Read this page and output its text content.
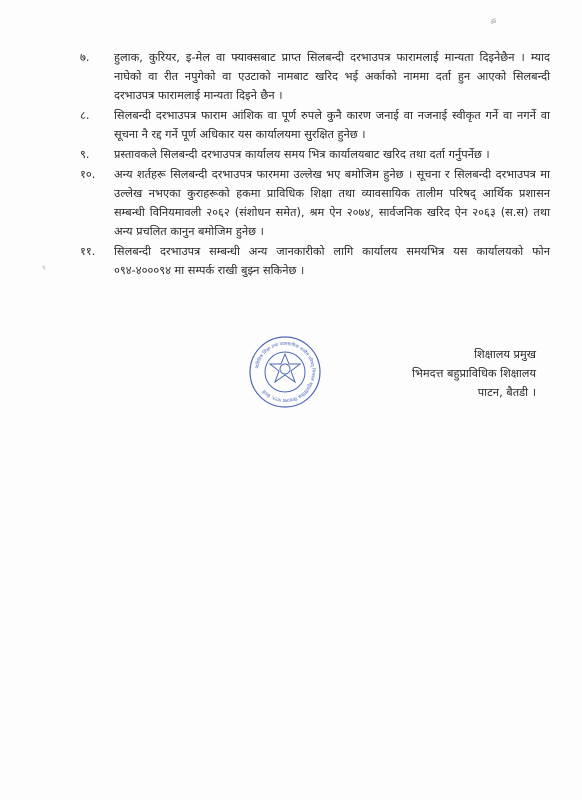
ॐ
९
७.	हुलाक, कुरियर, इ-मेल वा फ्याक्सबाट प्राप्त सिलबन्दी दरभाउपत्र फारामलाई मान्यता दिइनेछैन । म्याद नाघेको वा रीत नपुगेको वा एउटाको नामबाट खरिद भई अर्काको नाममा दर्ता हुन आएको सिलबन्दी दरभाउपत्र फारामलाई मान्यता दिइने छैन ।
८.	सिलबन्दी दरभाउपत्र फाराम आंशिक वा पूर्ण रुपले कुनै कारण जनाई वा नजनाई स्वीकृत गर्ने वा नगर्ने वा सूचना नै रद्द गर्ने पूर्ण अधिकार यस कार्यालयमा सुरक्षित हुनेछ ।
९.	प्रस्तावकले सिलबन्दी दरभाउपत्र कार्यालय समय भित्र कार्यालयबाट खरिद तथा दर्ता गर्नुपर्नेछ ।
१०.	अन्य शर्तहरू सिलबन्दी दरभाउपत्र फारममा उल्लेख भए बमोजिम हुनेछ । सूचना र सिलबन्दी दरभाउपत्र मा उल्लेख नभएका कुराहरूको हकमा प्राविधिक शिक्षा तथा व्यावसायिक तालीम परिषद् आर्थिक प्रशासन सम्बन्धी विनियमावली २०६२ (संशोधन समेत), श्रम ऐन २०७४, सार्वजनिक खरिद ऐन २०६३ (स.स) तथा अन्य प्रचलित कानुन बमोजिम हुनेछ ।
११.	सिलबन्दी दरभाउपत्र सम्बन्धी अन्य जानकारीको लागि कार्यालय समयभित्र यस कार्यालयको फोन ०९४-४०००९४ मा सम्पर्क राखी बुझ्न सकिनेछ ।
प्राविधिक शिक्षा तथा व्यावसायिक तालीम परिषद् भिमदत्त बहुप्राविधिक शिक्षालय पाटन, बैतडी
शिक्षालय प्रमुख
भिमदत्त बहुप्राविधिक शिक्षालय
पाटन, बैतडी ।
